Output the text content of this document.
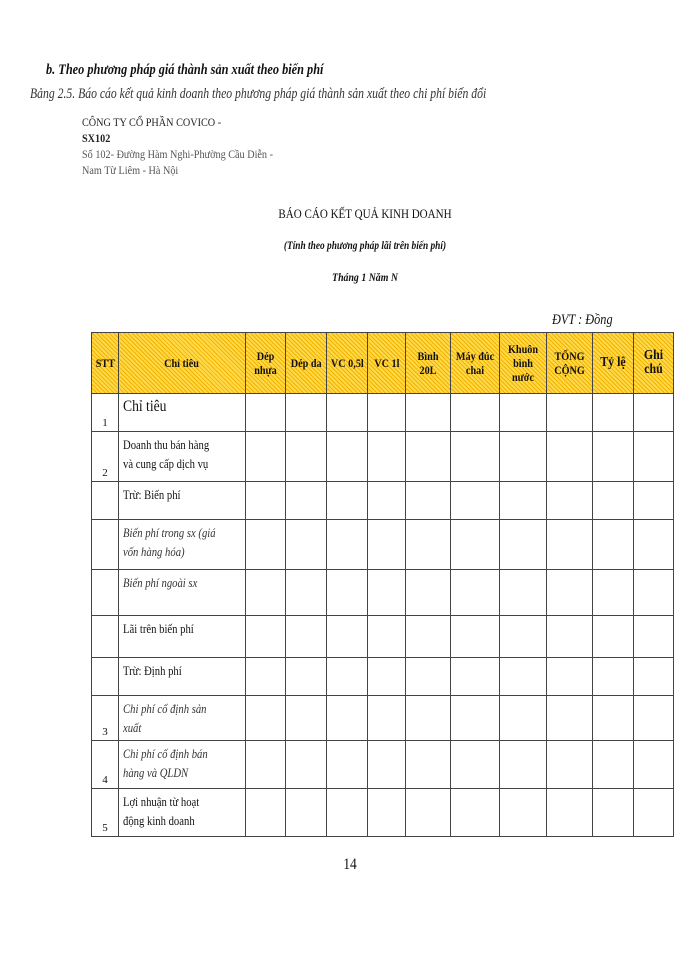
b. Theo phương pháp giá thành sản xuất theo biến phí
Bảng 2.5. Báo cáo kết quả kinh doanh theo phương pháp giá thành sản xuất theo chi phí biến đổi
CÔNG TY CỔ PHẦN COVICO -
SX102
Số 102- Đường Hàm Nghi-Phường Cầu Diễn -
Nam Từ Liêm - Hà Nội
BÁO CÁO KẾT QUẢ KINH DOANH
(Tính theo phương pháp lãi trên biến phí)
Tháng 1 Năm N
ĐVT : Đồng
STT	Chỉ tiêu	Dép nhựa	Dép da	VC 0,5l	VC 1l	Bình 20L	Máy đúc chai	Khuôn bình nước	TỔNG CỘNG	Tỷ lệ	Ghi chú
1	Chỉ tiêu										
2	Doanh thu bán hàng và cung cấp dịch vụ										
	Trừ: Biến phí										
	Biến phí trong sx (giá vốn hàng hóa)										
	Biến phí ngoài sx										
	Lãi trên biến phí										
	Trừ: Định phí										
3	Chi phí cố định sản xuất										
4	Chi phí cố định bán hàng và QLDN										
5	Lợi nhuận từ hoạt động kinh doanh										
14
